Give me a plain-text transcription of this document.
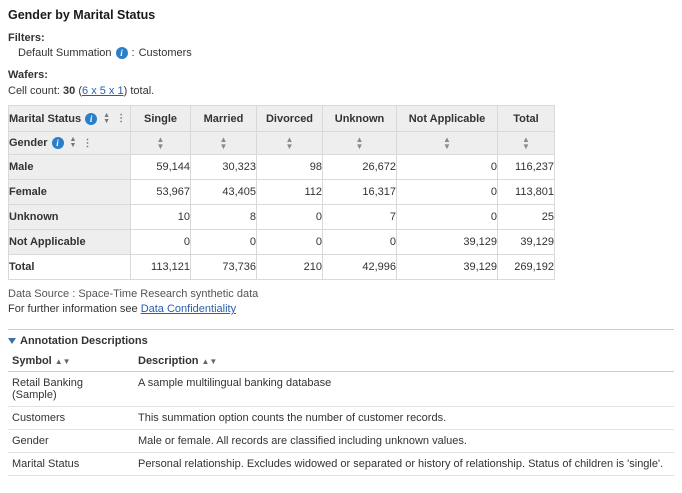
Gender by Marital Status
Filters:
Default Summation i : Customers
Wafers:
Cell count: 30 (6 x 5 x 1) total.
Marital Status i ▲
▼ ⋮	Single	Married	Divorced	Unknown	Not Applicable	Total

Gender i ▲
▼ ⋮	▲
▼	▲
▼	▲
▼	▲
▼	▲
▼	▲
▼

Male	59,144	30,323	98	26,672	0	116,237
Female	53,967	43,405	112	16,317	0	113,801
Unknown	10	8	0	7	0	25
Not Applicable	0	0	0	0	39,129	39,129
Total	113,121	73,736	210	42,996	39,129	269,192
Data Source : Space-Time Research synthetic data
For further information see Data Confidentiality
Annotation Descriptions
Symbol ▲▼	Description ▲▼
Retail Banking (Sample)	A sample multilingual banking database
Customers	This summation option counts the number of customer records.
Gender	Male or female. All records are classified including unknown values.
Marital Status	Personal relationship. Excludes widowed or separated or history of relationship. Status of children is 'single'.
